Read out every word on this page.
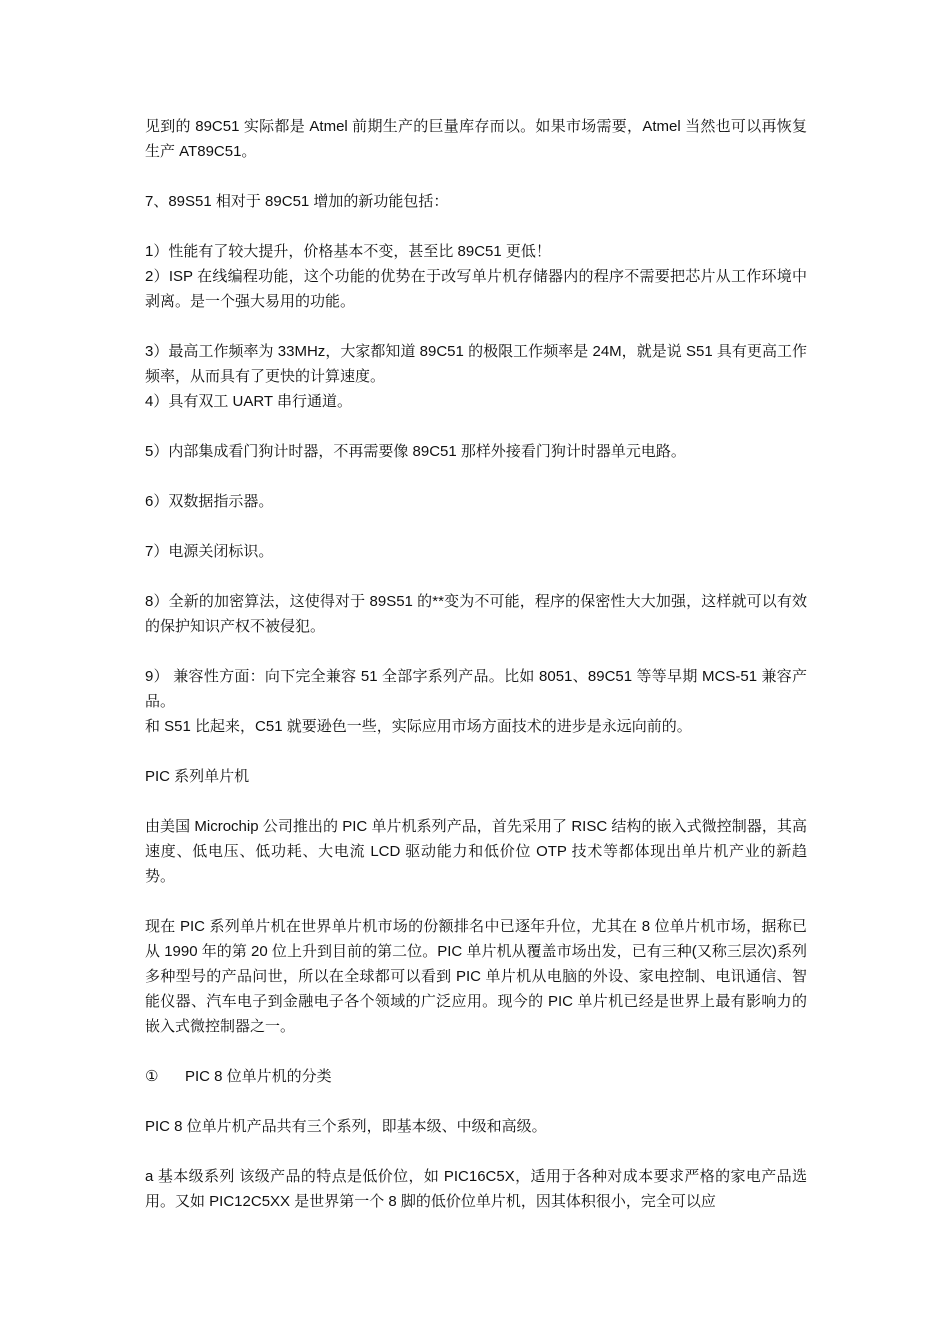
见到的 89C51 实际都是 Atmel 前期生产的巨量库存而以。如果市场需要，Atmel 当然也可以再恢复生产 AT89C51。

7、89S51 相对于 89C51 增加的新功能包括：

1）性能有了较大提升，价格基本不变，甚至比 89C51 更低！

2）ISP 在线编程功能，这个功能的优势在于改写单片机存储器内的程序不需要把芯片从工作环境中剥离。是一个强大易用的功能。

3）最高工作频率为 33MHz，大家都知道 89C51 的极限工作频率是 24M，就是说 S51 具有更高工作频率，从而具有了更快的计算速度。

4）具有双工 UART 串行通道。

5）内部集成看门狗计时器，不再需要像 89C51 那样外接看门狗计时器单元电路。

6）双数据指示器。

7）电源关闭标识。

8）全新的加密算法，这使得对于 89S51 的**变为不可能，程序的保密性大大加强，这样就可以有效的保护知识产权不被侵犯。

9） 兼容性方面：向下完全兼容 51 全部字系列产品。比如 8051、89C51 等等早期 MCS-51 兼容产品。

和 S51 比起来，C51 就要逊色一些，实际应用市场方面技术的进步是永远向前的。

PIC 系列单片机

由美国 Microchip 公司推出的 PIC 单片机系列产品，首先采用了 RISC 结构的嵌入式微控制器，其高速度、低电压、低功耗、大电流 LCD 驱动能力和低价位 OTP 技术等都体现出单片机产业的新趋势。

现在 PIC 系列单片机在世界单片机市场的份额排名中已逐年升位，尤其在 8 位单片机市场，据称已从 1990 年的第 20 位上升到目前的第二位。PIC 单片机从覆盖市场出发，已有三种(又称三层次)系列多种型号的产品问世，所以在全球都可以看到 PIC 单片机从电脑的外设、家电控制、电讯通信、智能仪器、汽车电子到金融电子各个领域的广泛应用。现今的 PIC 单片机已经是世界上最有影响力的嵌入式微控制器之一。

① PIC 8 位单片机的分类

PIC 8 位单片机产品共有三个系列，即基本级、中级和高级。

a 基本级系列 该级产品的特点是低价位，如 PIC16C5X，适用于各种对成本要求严格的家电产品选用。又如 PIC12C5XX 是世界第一个 8 脚的低价位单片机，因其体积很小，完全可以应
